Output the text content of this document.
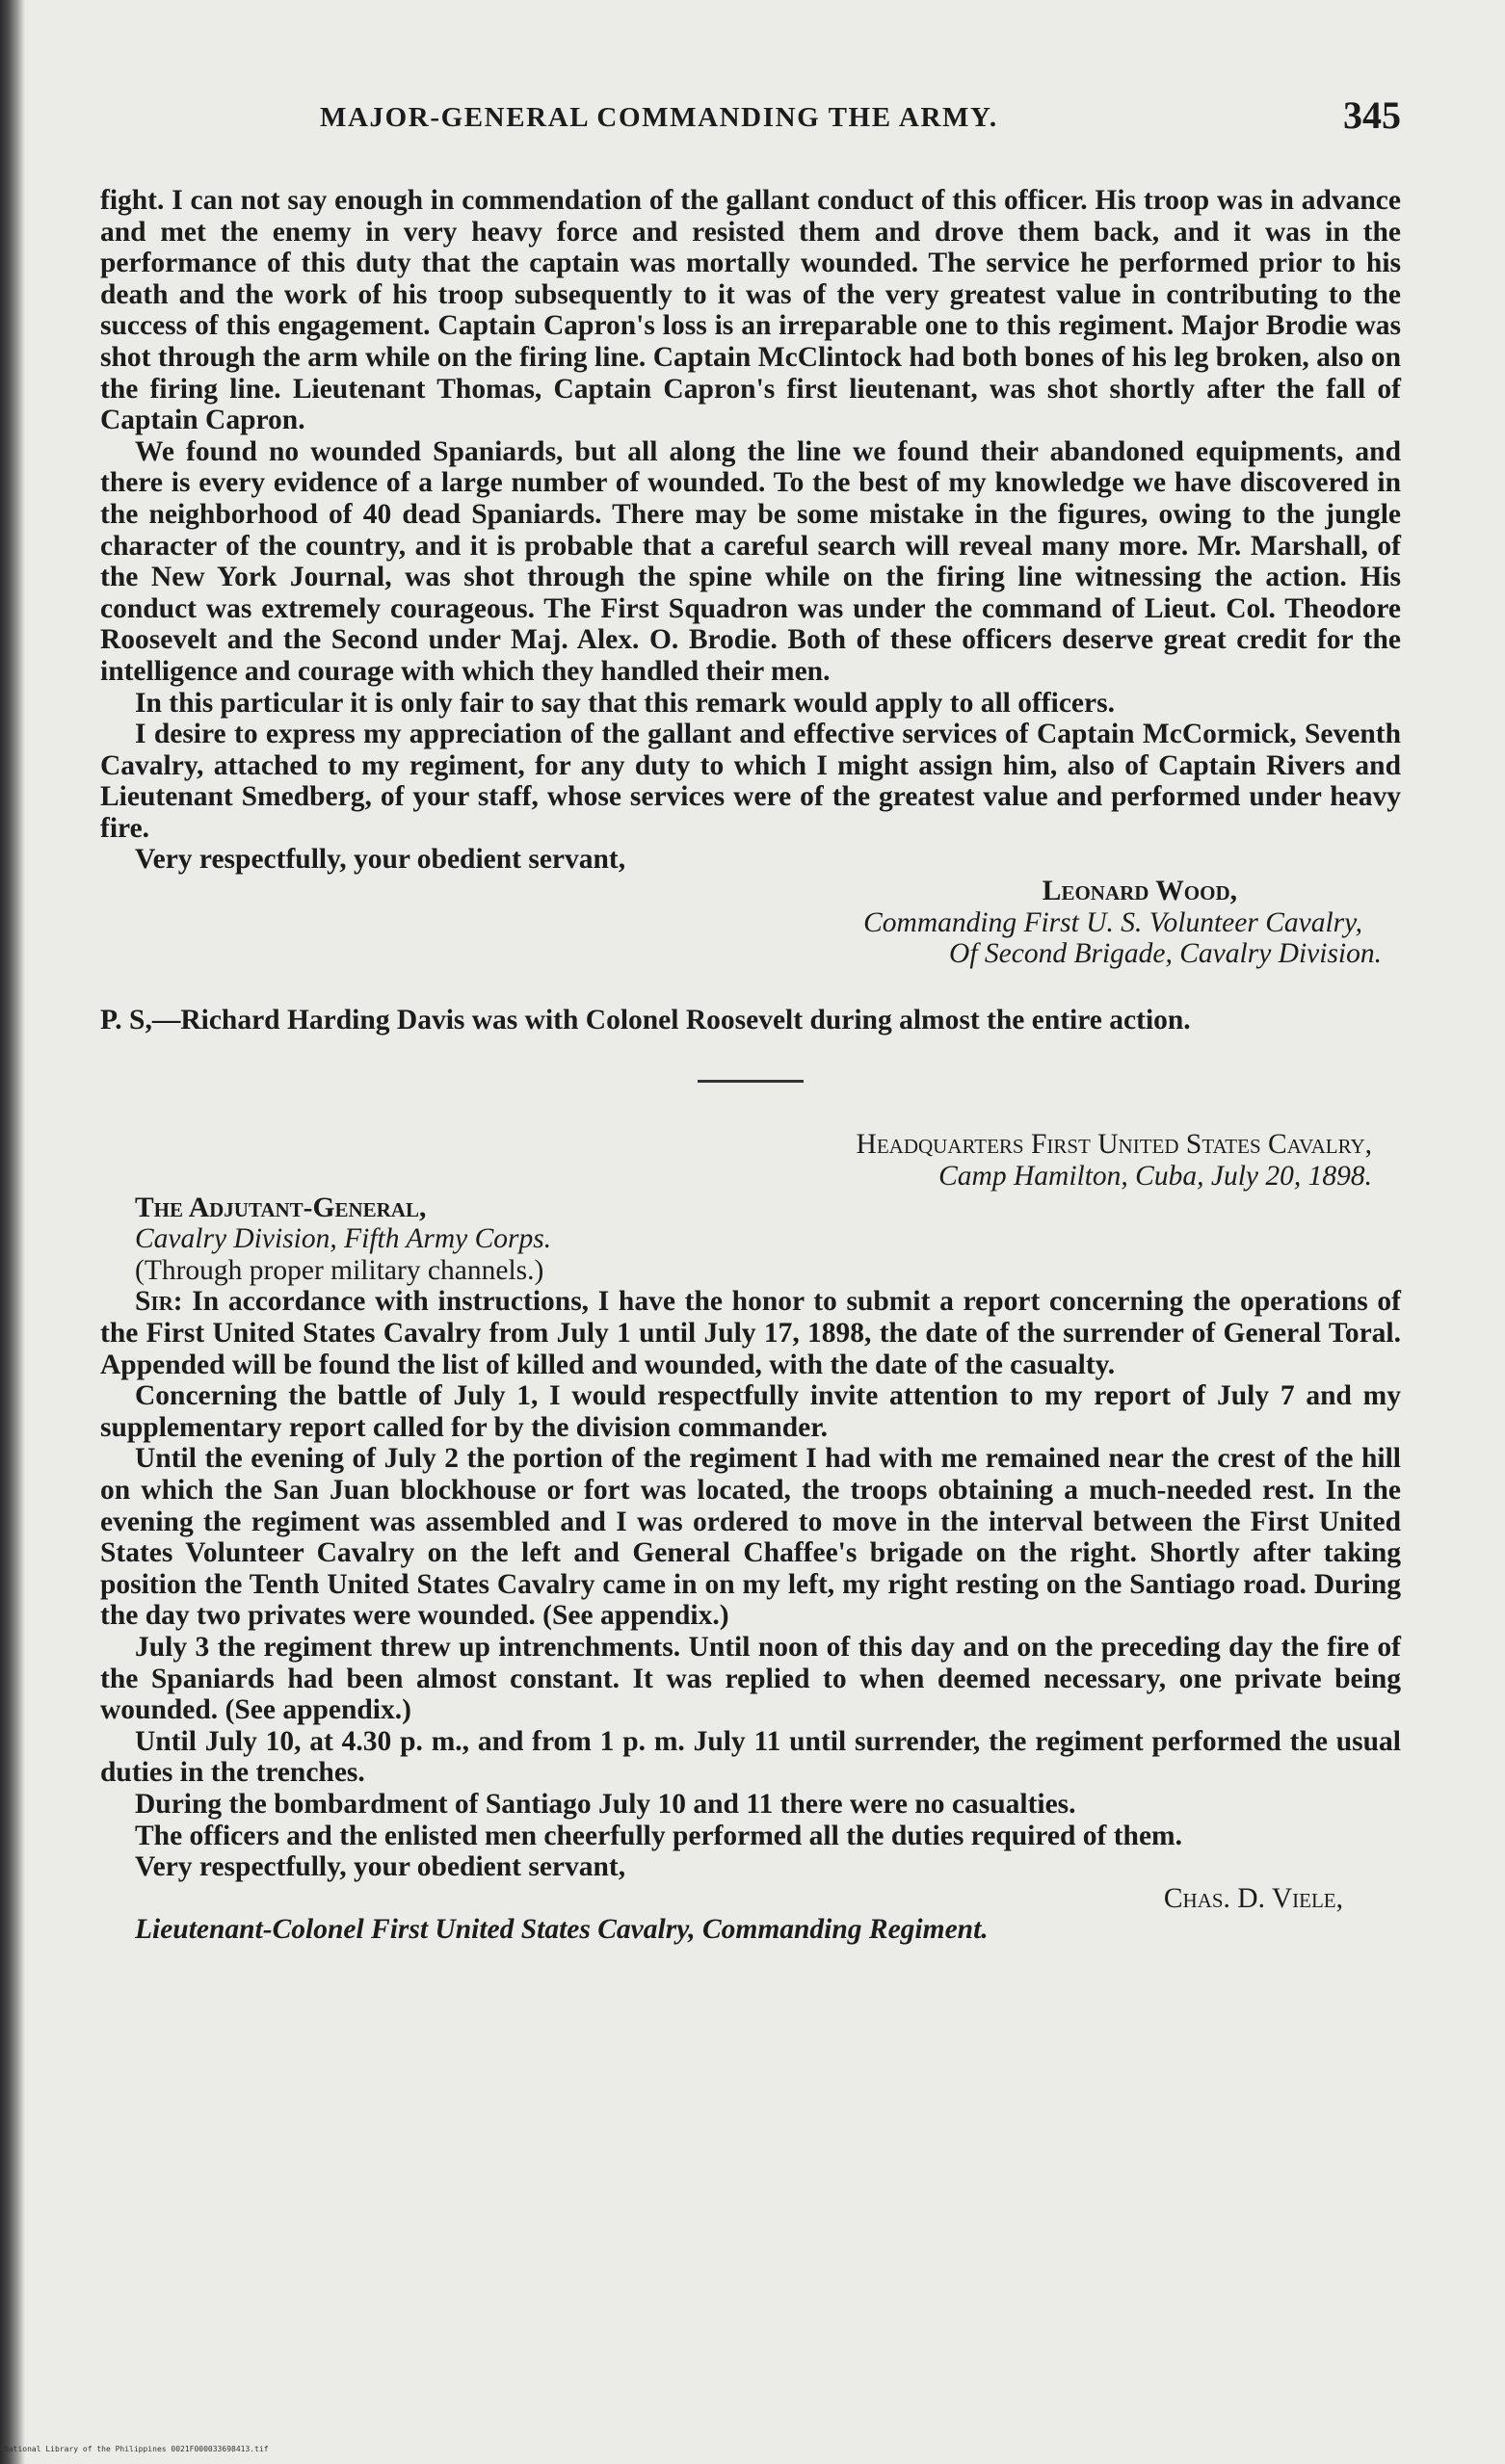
MAJOR-GENERAL COMMANDING THE ARMY.	345

fight. I can not say enough in commendation of the gallant conduct of this officer. His troop was in advance and met the enemy in very heavy force and resisted them and drove them back, and it was in the performance of this duty that the captain was mortally wounded. The service he performed prior to his death and the work of his troop subsequently to it was of the very greatest value in contributing to the success of this engagement. Captain Capron's loss is an irreparable one to this regiment. Major Brodie was shot through the arm while on the firing line. Captain McClintock had both bones of his leg broken, also on the firing line. Lieutenant Thomas, Captain Capron's first lieutenant, was shot shortly after the fall of Captain Capron.

We found no wounded Spaniards, but all along the line we found their abandoned equipments, and there is every evidence of a large number of wounded. To the best of my knowledge we have discovered in the neighborhood of 40 dead Spaniards. There may be some mistake in the figures, owing to the jungle character of the country, and it is probable that a careful search will reveal many more. Mr. Marshall, of the New York Journal, was shot through the spine while on the firing line witnessing the action. His conduct was extremely courageous. The First Squadron was under the command of Lieut. Col. Theodore Roosevelt and the Second under Maj. Alex. O. Brodie. Both of these officers deserve great credit for the intelligence and courage with which they handled their men.

In this particular it is only fair to say that this remark would apply to all officers.

I desire to express my appreciation of the gallant and effective services of Captain McCormick, Seventh Cavalry, attached to my regiment, for any duty to which I might assign him, also of Captain Rivers and Lieutenant Smedberg, of your staff, whose services were of the greatest value and performed under heavy fire.

Very respectfully, your obedient servant,

Leonard Wood,

Commanding First U. S. Volunteer Cavalry,

Of Second Brigade, Cavalry Division.

P. S,—Richard Harding Davis was with Colonel Roosevelt during almost the entire action.

Headquarters First United States Cavalry,

Camp Hamilton, Cuba, July 20, 1898.

The Adjutant-General,

Cavalry Division, Fifth Army Corps.

(Through proper military channels.)

Sir: In accordance with instructions, I have the honor to submit a report concerning the operations of the First United States Cavalry from July 1 until July 17, 1898, the date of the surrender of General Toral. Appended will be found the list of killed and wounded, with the date of the casualty.

Concerning the battle of July 1, I would respectfully invite attention to my report of July 7 and my supplementary report called for by the division commander.

Until the evening of July 2 the portion of the regiment I had with me remained near the crest of the hill on which the San Juan blockhouse or fort was located, the troops obtaining a much-needed rest. In the evening the regiment was assembled and I was ordered to move in the interval between the First United States Volunteer Cavalry on the left and General Chaffee's brigade on the right. Shortly after taking position the Tenth United States Cavalry came in on my left, my right resting on the Santiago road. During the day two privates were wounded. (See appendix.)

July 3 the regiment threw up intrenchments. Until noon of this day and on the preceding day the fire of the Spaniards had been almost constant. It was replied to when deemed necessary, one private being wounded. (See appendix.)

Until July 10, at 4.30 p. m., and from 1 p. m. July 11 until surrender, the regiment performed the usual duties in the trenches.

During the bombardment of Santiago July 10 and 11 there were no casualties.

The officers and the enlisted men cheerfully performed all the duties required of them.

Very respectfully, your obedient servant,

Chas. D. Viele,

Lieutenant-Colonel First United States Cavalry, Commanding Regiment.

National Library of the Philippines 0021F000033698413.tif
